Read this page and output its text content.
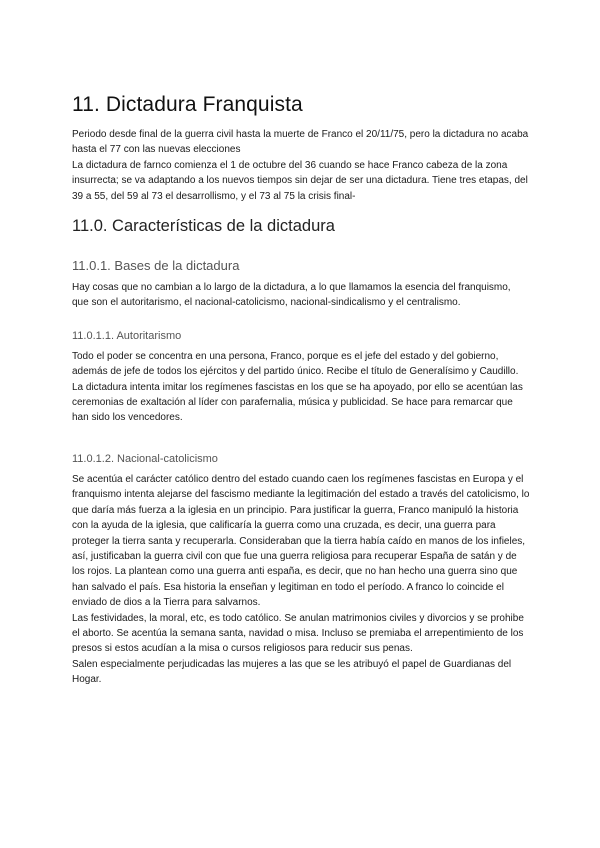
11. Dictadura Franquista

Periodo desde final de la guerra civil hasta la muerte de Franco el 20/11/75, pero la dictadura no acaba hasta el 77 con las nuevas elecciones

La dictadura de farnco comienza el 1 de octubre del 36 cuando se hace Franco cabeza de la zona insurrecta; se va adaptando a los nuevos tiempos sin dejar de ser una dictadura. Tiene tres etapas, del 39 a 55, del 59 al 73 el desarrollismo, y el 73 al 75 la crisis final-

11.0. Características de la dictadura
11.0.1. Bases de la dictadura

Hay cosas que no cambian a lo largo de la dictadura, a lo que llamamos la esencia del franquismo, que son el autoritarismo, el nacional-catolicismo, nacional-sindicalismo y el centralismo.

11.0.1.1. Autoritarismo

Todo el poder se concentra en una persona, Franco, porque es el jefe del estado y del gobierno, además de jefe de todos los ejércitos y del partido único. Recibe el título de Generalísimo y Caudillo.

La dictadura intenta imitar los regímenes fascistas en los que se ha apoyado, por ello se acentúan las ceremonias de exaltación al líder con parafernalia, música y publicidad. Se hace para remarcar que han sido los vencedores.

11.0.1.2. Nacional-catolicismo

Se acentúa el carácter católico dentro del estado cuando caen los regímenes fascistas en Europa y el franquismo intenta alejarse del fascismo mediante la legitimación del estado a través del catolicismo, lo que daría más fuerza a la iglesia en un principio. Para justificar la guerra, Franco manipuló la historia con la ayuda de la iglesia, que calificaría la guerra como una cruzada, es decir, una guerra para proteger la tierra santa y recuperarla. Consideraban que la tierra había caído en manos de los infieles, así, justificaban la guerra civil con que fue una guerra religiosa para recuperar España de satán y de los rojos. La plantean como una guerra anti españa, es decir, que no han hecho una guerra sino que han salvado el país. Esa historia la enseñan y legitiman en todo el período. A franco lo coincide el enviado de dios a la Tierra para salvarnos.

Las festividades, la moral, etc, es todo católico. Se anulan matrimonios civiles y divorcios y se prohibe el aborto. Se acentúa la semana santa, navidad o misa. Incluso se premiaba el arrepentimiento de los presos si estos acudían a la misa o cursos religiosos para reducir sus penas.

Salen especialmente perjudicadas las mujeres a las que se les atribuyó el papel de Guardianas del Hogar.
